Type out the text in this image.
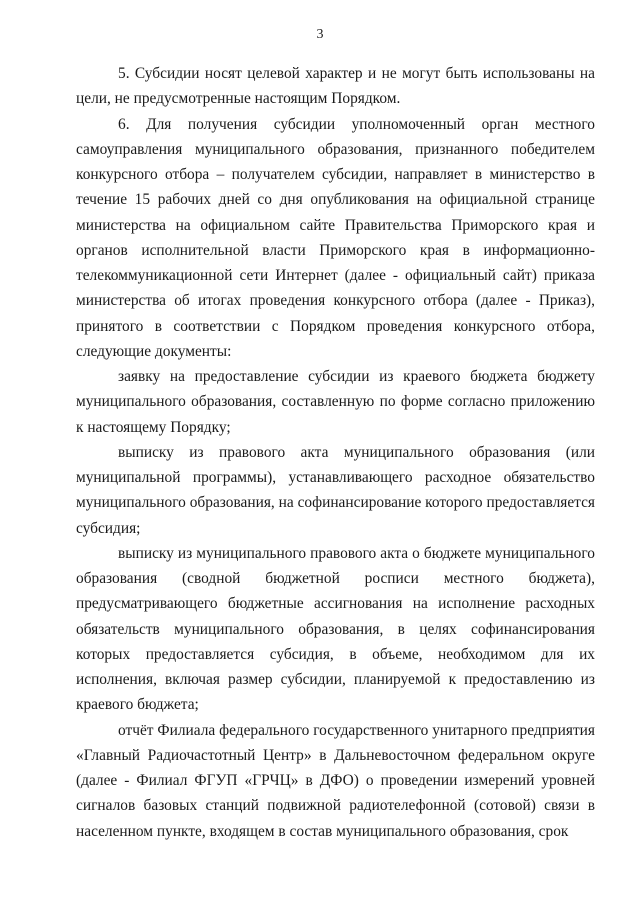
3

5. Субсидии носят целевой характер и не могут быть использованы на цели, не предусмотренные настоящим Порядком.

6. Для получения субсидии уполномоченный орган местного самоуправления муниципального образования, признанного победителем конкурсного отбора – получателем субсидии, направляет в министерство в течение 15 рабочих дней со дня опубликования на официальной странице министерства на официальном сайте Правительства Приморского края и органов исполнительной власти Приморского края в информационно-телекоммуникационной сети Интернет (далее - официальный сайт) приказа министерства об итогах проведения конкурсного отбора (далее - Приказ), принятого в соответствии с Порядком проведения конкурсного отбора, следующие документы:

заявку на предоставление субсидии из краевого бюджета бюджету муниципального образования, составленную по форме согласно приложению к настоящему Порядку;

выписку из правового акта муниципального образования (или муниципальной программы), устанавливающего расходное обязательство муниципального образования, на софинансирование которого предоставляется субсидия;

выписку из муниципального правового акта о бюджете муниципального образования (сводной бюджетной росписи местного бюджета), предусматривающего бюджетные ассигнования на исполнение расходных обязательств муниципального образования, в целях софинансирования которых предоставляется субсидия, в объеме, необходимом для их исполнения, включая размер субсидии, планируемой к предоставлению из краевого бюджета;

отчёт Филиала федерального государственного унитарного предприятия «Главный Радиочастотный Центр» в Дальневосточном федеральном округе (далее - Филиал ФГУП «ГРЧЦ» в ДФО) о проведении измерений уровней сигналов базовых станций подвижной радиотелефонной (сотовой) связи в населенном пункте, входящем в состав муниципального образования, срок
